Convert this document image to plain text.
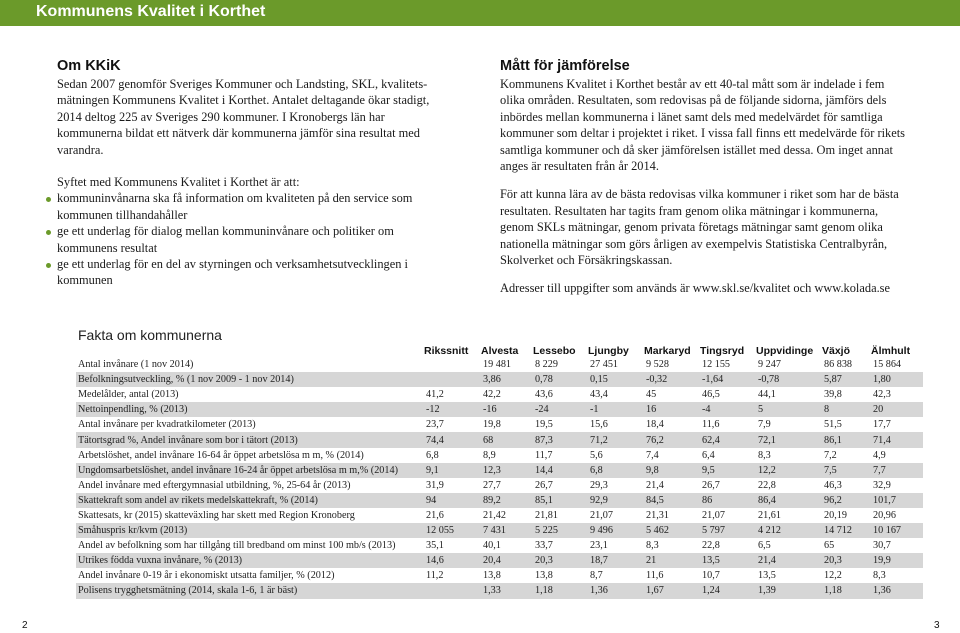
Kommunens Kvalitet i Korthet
Om KKiK

Sedan 2007 genomför Sveriges Kommuner och Landsting, SKL, kvalitets- mätningen Kommunens Kvalitet i Korthet. Antalet deltagande ökar stadigt, 2014 deltog 225 av Sveriges 290 kommuner. I Kronobergs län har kommunerna bildat ett nätverk där kommunerna jämför sina resultat med varandra.

Syftet med Kommunens Kvalitet i Korthet är att:

kommuninvånarna ska få information om kvaliteten på den service som kommunen tillhandahåller
ge ett underlag för dialog mellan kommuninvånare och politiker om kommunens resultat
ge ett underlag för en del av styrningen och verksamhetsutvecklingen i kommunen
Mått för jämförelse

Kommunens Kvalitet i Korthet består av ett 40-tal mått som är indelade i fem olika områden. Resultaten, som redovisas på de följande sidorna, jämförs dels inbördes mellan kommunerna i länet samt dels med medelvärdet för samtliga kommuner som deltar i projektet i riket. I vissa fall finns ett medelvärde för rikets samtliga kommuner och då sker jämförelsen istället med dessa. Om inget annat anges är resultaten från år 2014.

För att kunna lära av de bästa redovisas vilka kommuner i riket som har de bästa resultaten. Resultaten har tagits fram genom olika mätningar i kommunerna, genom SKLs mätningar, genom privata företags mätningar samt genom olika nationella mätningar som görs årligen av exempelvis Statistiska Centralbyrån, Skolverket och Försäkringskassan.

Adresser till uppgifter som används är www.skl.se/kvalitet och www.kolada.se

Fakta om kommunerna
	Rikssnitt	Alvesta	Lessebo	Ljungby	Markaryd	Tingsryd	Uppvidinge	Växjö	Älmhult
Antal invånare (1 nov 2014)		19 481	8 229	27 451	9 528	12 155	9 247	86 838	15 864
Befolkningsutveckling, % (1 nov 2009 - 1 nov 2014)		3,86	0,78	0,15	-0,32	-1,64	-0,78	5,87	1,80
Medelålder, antal (2013)	41,2	42,2	43,6	43,4	45	46,5	44,1	39,8	42,3
Nettoinpendling, % (2013)	-12	-16	-24	-1	16	-4	5	8	20
Antal invånare per kvadratkilometer (2013)	23,7	19,8	19,5	15,6	18,4	11,6	7,9	51,5	17,7
Tätortsgrad %, Andel invånare som bor i tätort (2013)	74,4	68	87,3	71,2	76,2	62,4	72,1	86,1	71,4
Arbetslöshet, andel invånare 16-64 år öppet arbetslösa m m, % (2014)	6,8	8,9	11,7	5,6	7,4	6,4	8,3	7,2	4,9
Ungdomsarbetslöshet, andel invånare 16-24 år öppet arbetslösa m m,% (2014)	9,1	12,3	14,4	6,8	9,8	9,5	12,2	7,5	7,7
Andel invånare med eftergymnasial utbildning, %, 25-64 år (2013)	31,9	27,7	26,7	29,3	21,4	26,7	22,8	46,3	32,9
Skattekraft som andel av rikets medelskattekraft, % (2014)	94	89,2	85,1	92,9	84,5	86	86,4	96,2	101,7
Skattesats, kr (2015) skatteväxling har skett med Region Kronoberg	21,6	21,42	21,81	21,07	21,31	21,07	21,61	20,19	20,96
Småhuspris kr/kvm (2013)	12 055	7 431	5 225	9 496	5 462	5 797	4 212	14 712	10 167
Andel av befolkning som har tillgång till bredband om minst 100 mb/s (2013)	35,1	40,1	33,7	23,1	8,3	22,8	6,5	65	30,7
Utrikes födda vuxna invånare, % (2013)	14,6	20,4	20,3	18,7	21	13,5	21,4	20,3	19,9
Andel invånare 0-19 år i ekonomiskt utsatta familjer, % (2012)	11,2	13,8	13,8	8,7	11,6	10,7	13,5	12,2	8,3
Polisens trygghetsmätning (2014, skala 1-6, 1 är bäst)		1,33	1,18	1,36	1,67	1,24	1,39	1,18	1,36
2	3
